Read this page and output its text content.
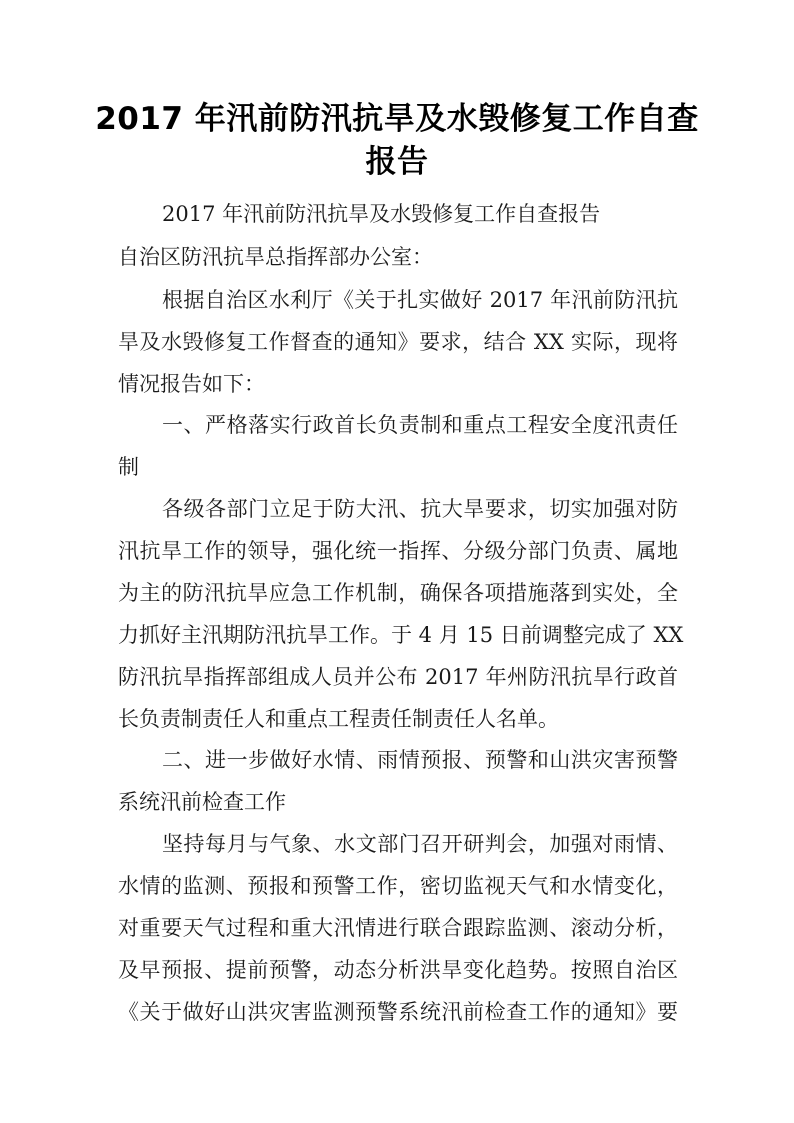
2017 年汛前防汛抗旱及水毁修复工作自查
报告
2017 年汛前防汛抗旱及水毁修复工作自查报告
自治区防汛抗旱总指挥部办公室：
根据自治区水利厅《关于扎实做好 2017 年汛前防汛抗
旱及水毁修复工作督查的通知》要求，结合 XX 实际，现将
情况报告如下：
一、严格落实行政首长负责制和重点工程安全度汛责任
制
各级各部门立足于防大汛、抗大旱要求，切实加强对防
汛抗旱工作的领导，强化统一指挥、分级分部门负责、属地
为主的防汛抗旱应急工作机制，确保各项措施落到实处，全
力抓好主汛期防汛抗旱工作。于 4 月 15 日前调整完成了 XX
防汛抗旱指挥部组成人员并公布 2017 年州防汛抗旱行政首
长负责制责任人和重点工程责任制责任人名单。
二、进一步做好水情、雨情预报、预警和山洪灾害预警
系统汛前检查工作
坚持每月与气象、水文部门召开研判会，加强对雨情、
水情的监测、预报和预警工作，密切监视天气和水情变化，
对重要天气过程和重大汛情进行联合跟踪监测、滚动分析，
及早预报、提前预警，动态分析洪旱变化趋势。按照自治区
《关于做好山洪灾害监测预警系统汛前检查工作的通知》要
